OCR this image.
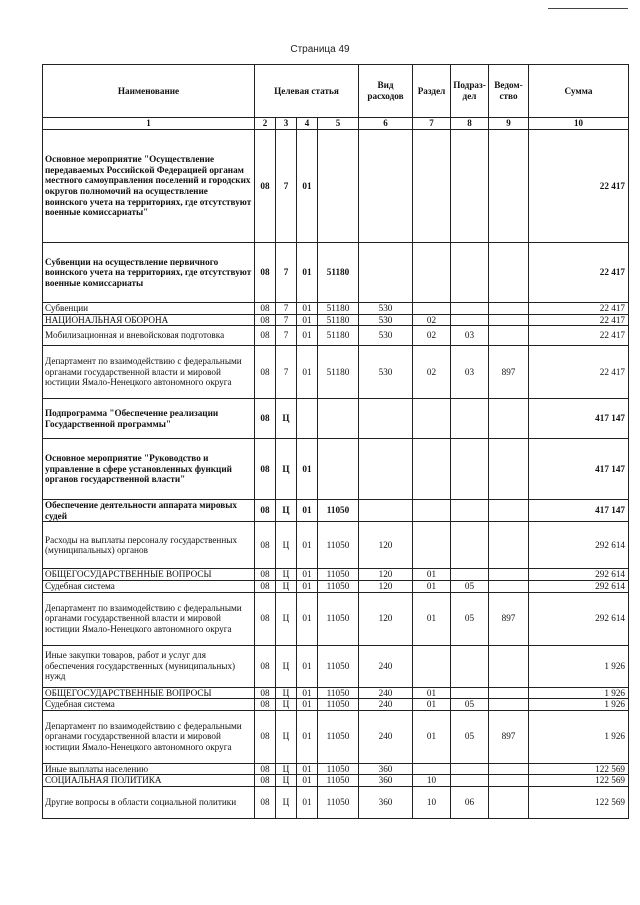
Страница 49
Наименование	Целевая статья				Вид расходов	Раздел	Подраз-дел	Ведом-ство	Сумма
1	2	3	4	5	6	7	8	9	10
Основное мероприятие "Осуществление передаваемых Российской Федерацией органам местного самоуправления поселений и городских округов полномочий на осуществление воинского учета на территориях, где отсутствуют военные комиссариаты"	08	7	01						22 417
Субвенции на осуществление первичного воинского учета на территориях, где отсутствуют военные комиссариаты	08	7	01	51180					22 417
Субвенции	08	7	01	51180	530				22 417
НАЦИОНАЛЬНАЯ ОБОРОНА	08	7	01	51180	530	02			22 417
Мобилизационная и вневойсковая подготовка	08	7	01	51180	530	02	03		22 417
Департамент по взаимодействию с федеральными органами государственной власти и мировой юстиции Ямало-Ненецкого автономного округа	08	7	01	51180	530	02	03	897	22 417
Подпрограмма "Обеспечение реализации Государственной программы"	08	Ц							417 147
Основное мероприятие "Руководство и управление в сфере установленных функций органов государственной власти"	08	Ц	01						417 147
Обеспечение деятельности аппарата мировых судей	08	Ц	01	11050					417 147
Расходы на выплаты персоналу государственных (муниципальных) органов	08	Ц	01	11050	120				292 614
ОБЩЕГОСУДАРСТВЕННЫЕ ВОПРОСЫ	08	Ц	01	11050	120	01			292 614
Судебная система	08	Ц	01	11050	120	01	05		292 614
Департамент по взаимодействию с федеральными органами государственной власти и мировой юстиции Ямало-Ненецкого автономного округа	08	Ц	01	11050	120	01	05	897	292 614
Иные закупки товаров, работ и услуг для обеспечения государственных (муниципальных) нужд	08	Ц	01	11050	240				1 926
ОБЩЕГОСУДАРСТВЕННЫЕ ВОПРОСЫ	08	Ц	01	11050	240	01			1 926
Судебная система	08	Ц	01	11050	240	01	05		1 926
Департамент по взаимодействию с федеральными органами государственной власти и мировой юстиции Ямало-Ненецкого автономного округа	08	Ц	01	11050	240	01	05	897	1 926
Иные выплаты населению	08	Ц	01	11050	360				122 569
СОЦИАЛЬНАЯ ПОЛИТИКА	08	Ц	01	11050	360	10			122 569
Другие вопросы в области социальной политики	08	Ц	01	11050	360	10	06		122 569
